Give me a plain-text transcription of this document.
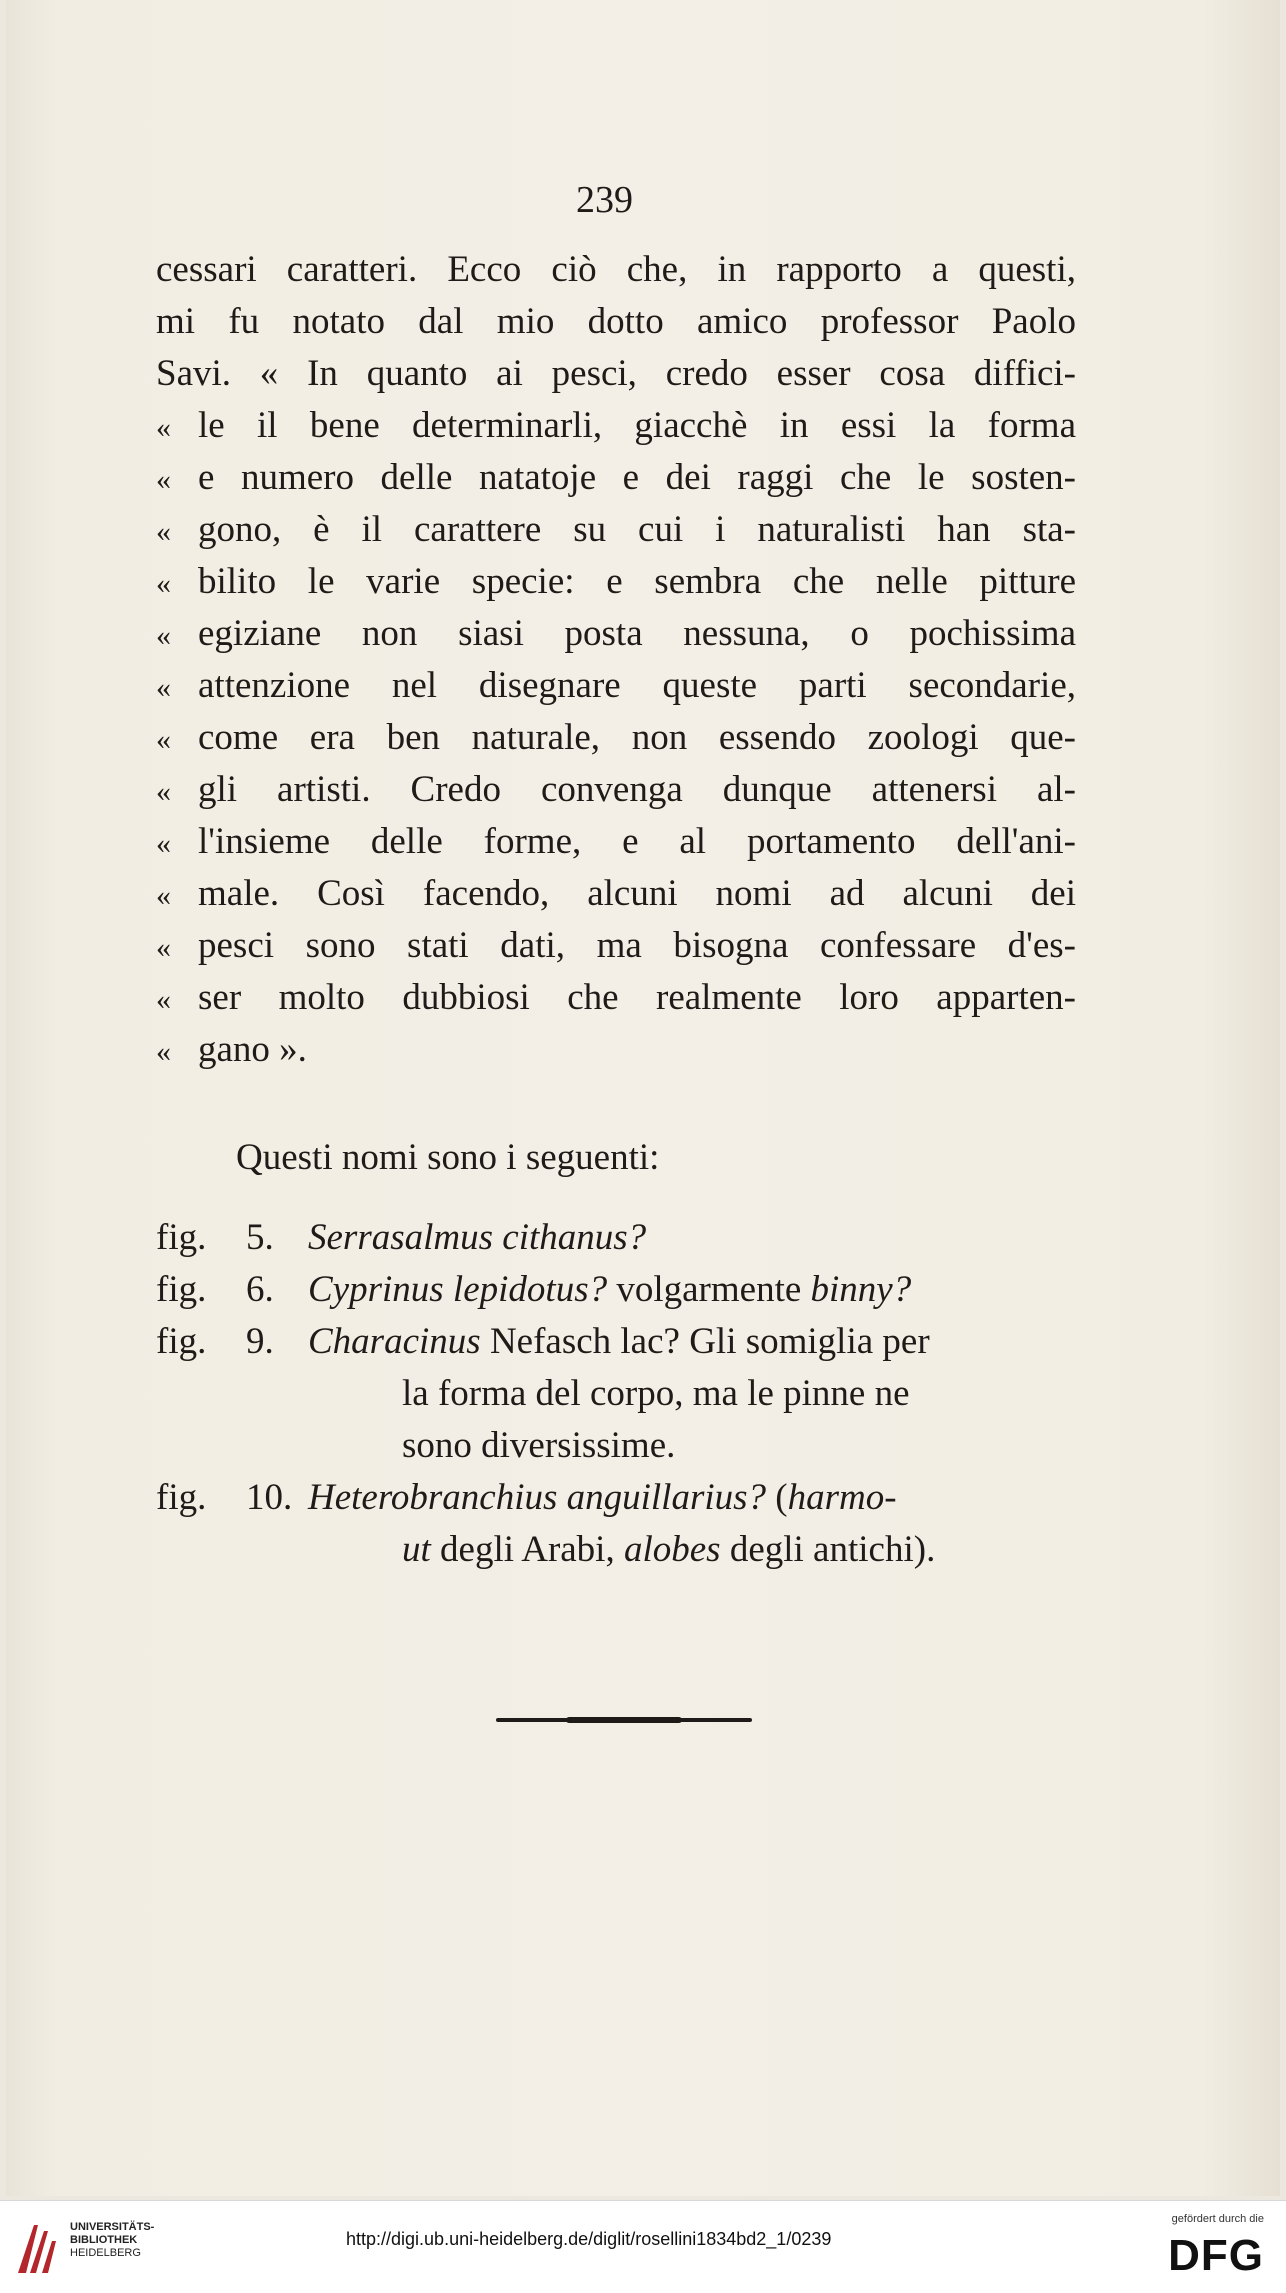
239
cessari caratteri. Ecco ciò che, in rapporto a questi,
mi fu notato dal mio dotto amico professor Paolo
Savi. « In quanto ai pesci, credo esser cosa diffici-
« le il bene determinarli, giacchè in essi la forma
« e numero delle natatoje e dei raggi che le sosten-
« gono, è il carattere su cui i naturalisti han sta-
« bilito le varie specie: e sembra che nelle pitture
« egiziane non siasi posta nessuna, o pochissima
« attenzione nel disegnare queste parti secondarie,
« come era ben naturale, non essendo zoologi que-
« gli artisti. Credo convenga dunque attenersi al-
« l'insieme delle forme, e al portamento dell'ani-
« male. Così facendo, alcuni nomi ad alcuni dei
« pesci sono stati dati, ma bisogna confessare d'es-
« ser molto dubbiosi che realmente loro apparten-
« gano ».
Questi nomi sono i seguenti:
fig.	5. Serrasalmus cithanus?
fig.	6. Cyprinus lepidotus? volgarmente binny?
fig.	9. Characinus Nefasch lac? Gli somiglia per
la forma del corpo, ma le pinne ne
sono diversissime.
fig.	10. Heterobranchius anguillarius? (harmo-
ut degli Arabi, alobes degli antichi).
UNIVERSITÄTS-
BIBLIOTHEK
HEIDELBERG
http://digi.ub.uni-heidelberg.de/diglit/rosellini1834bd2_1/0239
gefördert durch die
DFG
